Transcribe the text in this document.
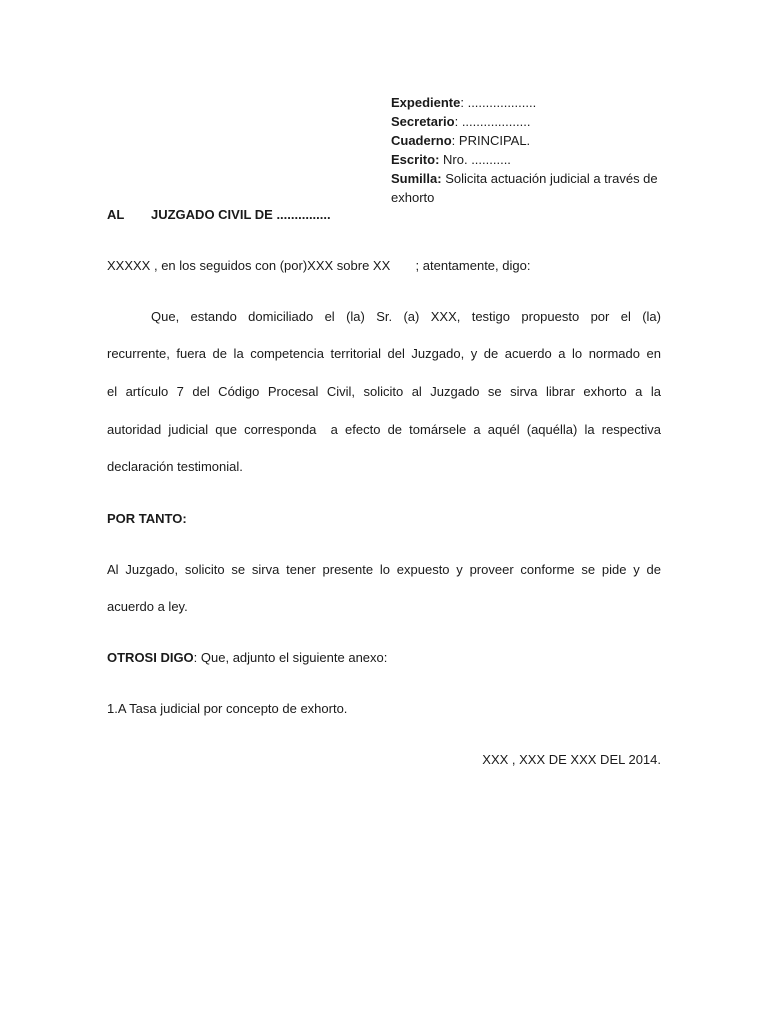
Expediente: ...................
Secretario: ...................
Cuaderno: PRINCIPAL.
Escrito: Nro. ...........
Sumilla: Solicita actuación judicial a través de exhorto
AL JUZGADO CIVIL DE ...............
XXXXX , en los seguidos con (por)XXX sobre XX       ; atentamente, digo:
Que, estando domiciliado el (la) Sr. (a) XXX, testigo propuesto por el (la)
recurrente, fuera de la competencia territorial del Juzgado, y de acuerdo a lo normado en
el artículo 7 del Código Procesal Civil, solicito al Juzgado se sirva librar exhorto a la
autoridad judicial que corresponda  a efecto de tomársele a aquél (aquélla) la respectiva
declaración testimonial.
POR TANTO:
Al Juzgado, solicito se sirva tener presente lo expuesto y proveer conforme se pide y de
acuerdo a ley.
OTROSI DIGO: Que, adjunto el siguiente anexo:
1.A Tasa judicial por concepto de exhorto.
XXX , XXX DE XXX DEL 2014.
